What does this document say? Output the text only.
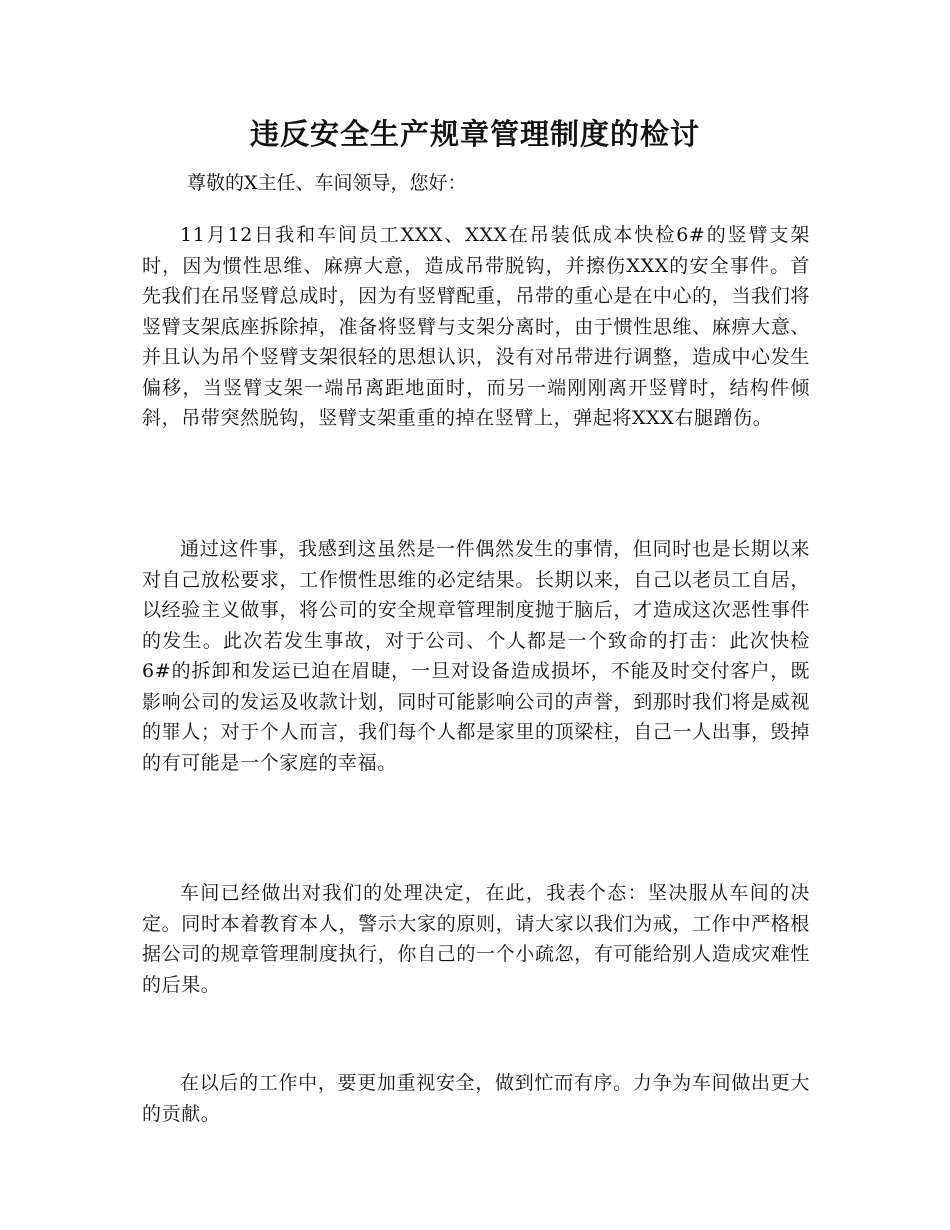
违反安全生产规章管理制度的检讨

尊敬的X主任、车间领导，您好：

11月12日我和车间员工XXX、XXX在吊装低成本快检6#的竖臂支架时，因为惯性思维、麻痹大意，造成吊带脱钩，并擦伤XXX的安全事件。首先我们在吊竖臂总成时，因为有竖臂配重，吊带的重心是在中心的，当我们将竖臂支架底座拆除掉，准备将竖臂与支架分离时，由于惯性思维、麻痹大意、并且认为吊个竖臂支架很轻的思想认识，没有对吊带进行调整，造成中心发生偏移，当竖臂支架一端吊离距地面时，而另一端刚刚离开竖臂时，结构件倾斜，吊带突然脱钩，竖臂支架重重的掉在竖臂上，弹起将XXX右腿蹭伤。

通过这件事，我感到这虽然是一件偶然发生的事情，但同时也是长期以来对自己放松要求，工作惯性思维的必定结果。长期以来，自己以老员工自居，以经验主义做事，将公司的安全规章管理制度抛于脑后，才造成这次恶性事件的发生。此次若发生事故，对于公司、个人都是一个致命的打击：此次快检6#的拆卸和发运已迫在眉睫，一旦对设备造成损坏，不能及时交付客户，既影响公司的发运及收款计划，同时可能影响公司的声誉，到那时我们将是威视的罪人；对于个人而言，我们每个人都是家里的顶梁柱，自己一人出事，毁掉的有可能是一个家庭的幸福。

车间已经做出对我们的处理决定，在此，我表个态：坚决服从车间的决定。同时本着教育本人，警示大家的原则，请大家以我们为戒，工作中严格根据公司的规章管理制度执行，你自己的一个小疏忽，有可能给别人造成灾难性的后果。

在以后的工作中，要更加重视安全，做到忙而有序。力争为车间做出更大的贡献。
